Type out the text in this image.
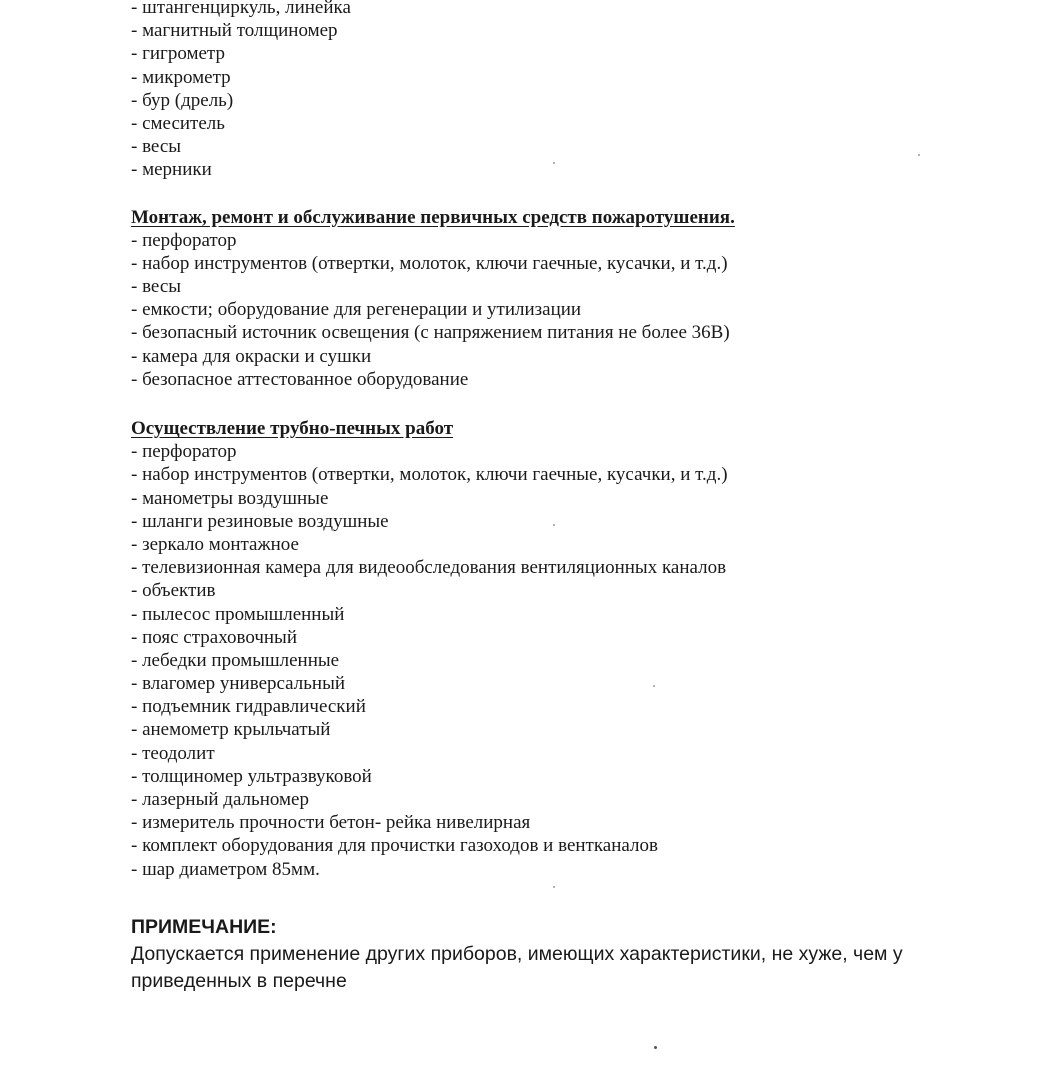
- штангенциркуль, линейка
- магнитный толщиномер
- гигрометр
- микрометр
- бур (дрель)
- смеситель
- весы
- мерники
Монтаж, ремонт и обслуживание первичных средств пожаротушения.
- перфоратор
- набор инструментов (отвертки, молоток, ключи гаечные, кусачки, и т.д.)
- весы
- емкости; оборудование для регенерации и утилизации
- безопасный источник освещения (с напряжением питания не более 36В)
- камера для окраски и сушки
- безопасное аттестованное оборудование
Осуществление трубно-печных работ
- перфоратор
- набор инструментов (отвертки, молоток, ключи гаечные, кусачки, и т.д.)
- манометры воздушные
- шланги резиновые воздушные
- зеркало монтажное
- телевизионная камера для видеообследования вентиляционных каналов
- объектив
- пылесос промышленный
- пояс страховочный
- лебедки промышленные
- влагомер универсальный
- подъемник гидравлический
- анемометр крыльчатый
- теодолит
- толщиномер ультразвуковой
- лазерный дальномер
- измеритель прочности бетон- рейка нивелирная
- комплект оборудования для прочистки газоходов и вентканалов
- шар диаметром 85мм.
ПРИМЕЧАНИЕ:
Допускается применение других приборов, имеющих характеристики, не хуже, чем у приведенных в перечне
